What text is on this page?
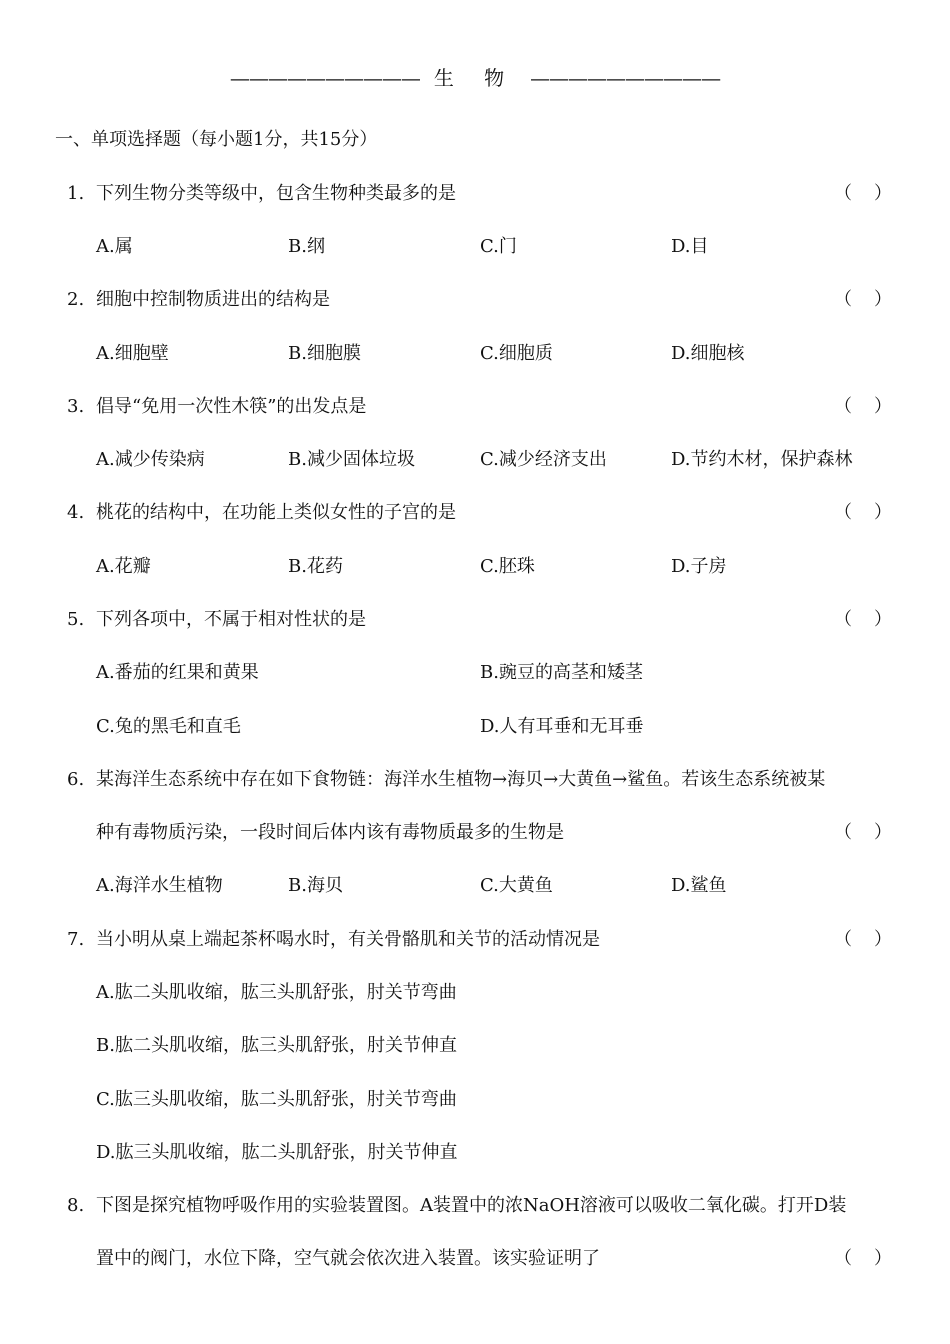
—————————— 生 物 ——————————
一、单项选择题（每小题1分，共15分）
1. 下列生物分类等级中，包含生物种类最多的是	（ ）
A.属	B.纲	C.门	D.目
2. 细胞中控制物质进出的结构是	（ ）
A.细胞壁	B.细胞膜	C.细胞质	D.细胞核
3. 倡导“免用一次性木筷”的出发点是	（ ）
A.减少传染病	B.减少固体垃圾	C.减少经济支出	D.节约木材，保护森林
4. 桃花的结构中，在功能上类似女性的子宫的是	（ ）
A.花瓣	B.花药	C.胚珠	D.子房
5. 下列各项中，不属于相对性状的是	（ ）
A.番茄的红果和黄果	B.豌豆的高茎和矮茎
C.兔的黑毛和直毛	D.人有耳垂和无耳垂
6. 某海洋生态系统中存在如下食物链：海洋水生植物→海贝→大黄鱼→鲨鱼。若该生态系统被某
种有毒物质污染，一段时间后体内该有毒物质最多的生物是	（ ）
A.海洋水生植物	B.海贝	C.大黄鱼	D.鲨鱼
7. 当小明从桌上端起茶杯喝水时，有关骨骼肌和关节的活动情况是	（ ）
A.肱二头肌收缩，肱三头肌舒张，肘关节弯曲
B.肱二头肌收缩，肱三头肌舒张，肘关节伸直
C.肱三头肌收缩，肱二头肌舒张，肘关节弯曲
D.肱三头肌收缩，肱二头肌舒张，肘关节伸直
8. 下图是探究植物呼吸作用的实验装置图。A装置中的浓NaOH溶液可以吸收二氧化碳。打开D装
置中的阀门，水位下降，空气就会依次进入装置。该实验证明了	（ ）
